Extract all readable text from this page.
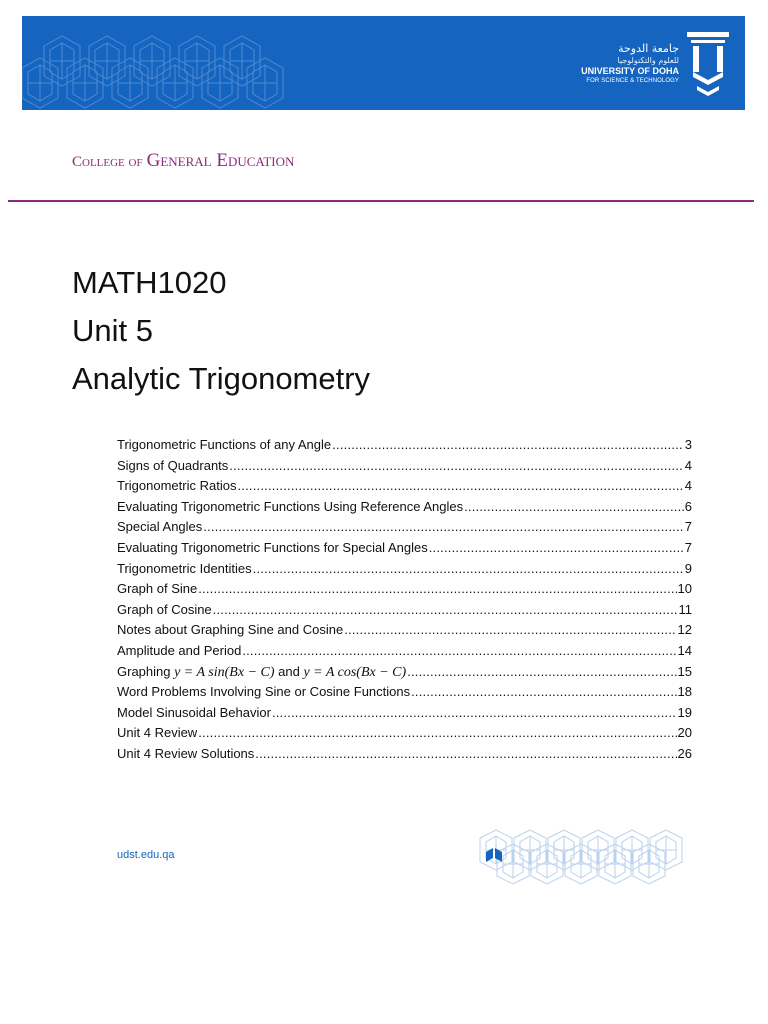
جامعة الدوحة
للعلوم والتكنولوجيا
UNIVERSITY OF DOHA
FOR SCIENCE & TECHNOLOGY
College of General Education
MATH1020
Unit 5
Analytic Trigonometry
Trigonometric Functions of any Angle .....	3
Signs of Quadrants .....	4
Trigonometric Ratios .....	4
Evaluating Trigonometric Functions Using Reference Angles .....	6
Special Angles .....	7
Evaluating Trigonometric Functions for Special Angles .....	7
Trigonometric Identities .....	9
Graph of Sine .....	10
Graph of Cosine .....	11
Notes about Graphing Sine and Cosine .....	12
Amplitude and Period .....	14
Graphing y = A sin(Bx − C) and y = A cos(Bx − C) .....	15
Word Problems Involving Sine or Cosine Functions .....	18
Model Sinusoidal Behavior .....	19
Unit 4 Review .....	20
Unit 4 Review Solutions .....	26
udst.edu.qa
